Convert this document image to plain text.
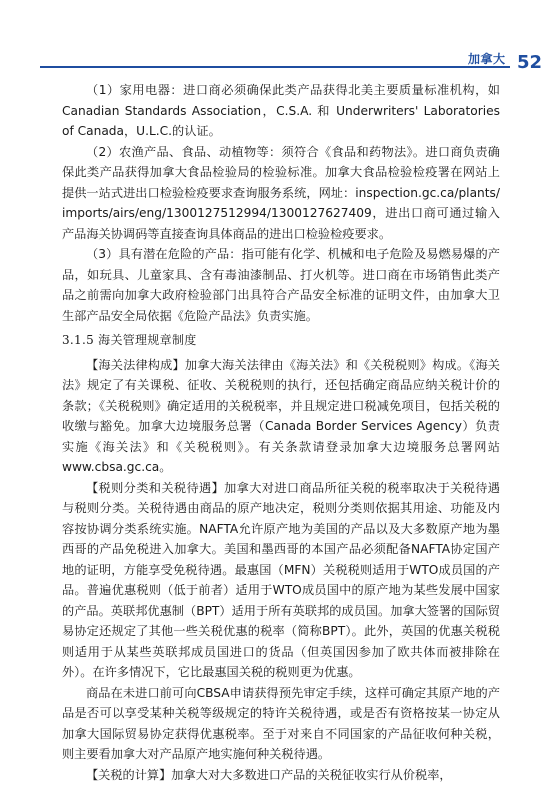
加拿大 52

（1）家用电器：进口商必须确保此类产品获得北美主要质量标准机构，如 Canadian Standards Association，C.S.A. 和 Underwriters' Laboratories of Canada，U.L.C.的认证。

（2）农渔产品、食品、动植物等：须符合《食品和药物法》。进口商负责确保此类产品获得加拿大食品检验局的检验标准。加拿大食品检验检疫署在网站上提供一站式进出口检验检疫要求查询服务系统，网址：inspection.gc.ca/plants/imports/airs/eng/1300127512994/130012762​7409，进出口商可通过输入产品海关协调码等直接查询具体商品的进出口检验检疫要求。

（3）具有潜在危险的产品：指可能有化学、机械和电子危险及易燃易爆的产品，如玩具、儿童家具、含有毒油漆制品、打火机等。进口商在市场销售此类产品之前需向加拿大政府检验部门出具符合产品安全标准的证明文件，由加拿大卫生部产品安全局依据《危险产品法》负责实施。

3.1.5 海关管理规章制度

【海关法律构成】加拿大海关法律由《海关法》和《关税税则》构成。《海关法》规定了有关课税、征收、关税税则的执行，还包括确定商品应纳关税计价的条款；《关税税则》确定适用的关税税率，并且规定进口税减免项目，包括关税的收缴与豁免。加拿大边境服务总署（Canada Border Services Agency）负责实施《海关法》和《关税税则》。有关条款请登录加拿大边境服务总署网站www.cbsa.gc.ca。

【税则分类和关税待遇】加拿大对进口商品所征关税的税率取决于关税待遇与税则分类。关税待遇由商品的原产地决定，税则分类则依据其用途、功能及内容按协调分类系统实施。NAFTA允许原产地为美国的产品以及大多数原产地为墨西哥的产品免税进入加拿大。美国和墨西哥的本国产品必须配备NAFTA协定国产地的证明，方能享受免税待遇。最惠国（MFN）关税税则适用于WTO成员国的产品。普遍优惠税则（低于前者）适用于WTO成员国中的原产地为某些发展中国家的产品。英联邦优惠制（BPT）适用于所有英联邦的成员国。加拿大签署的国际贸易协定还规定了其他一些关税优惠的税率（简称BPT）。此外，英国的优惠关税税则适用于从某些英联邦成员国进口的货品（但英国因参加了欧共体而被排除在外）。在许多情况下，它比最惠国关税的税则更为优惠。

商品在未进口前可向CBSA申请获得预先审定手续，这样可确定其原产地的产品是否可以享受某种关税等级规定的特许关税待遇，或是否有资格按某一协定从加拿大国际贸易协定获得优惠税率。至于对来自不同国家的产品征收何种关税，则主要看加拿大对产品原产地实施何种关税待遇。

【关税的计算】加拿大对大多数进口产品的关税征收实行从价税率，
